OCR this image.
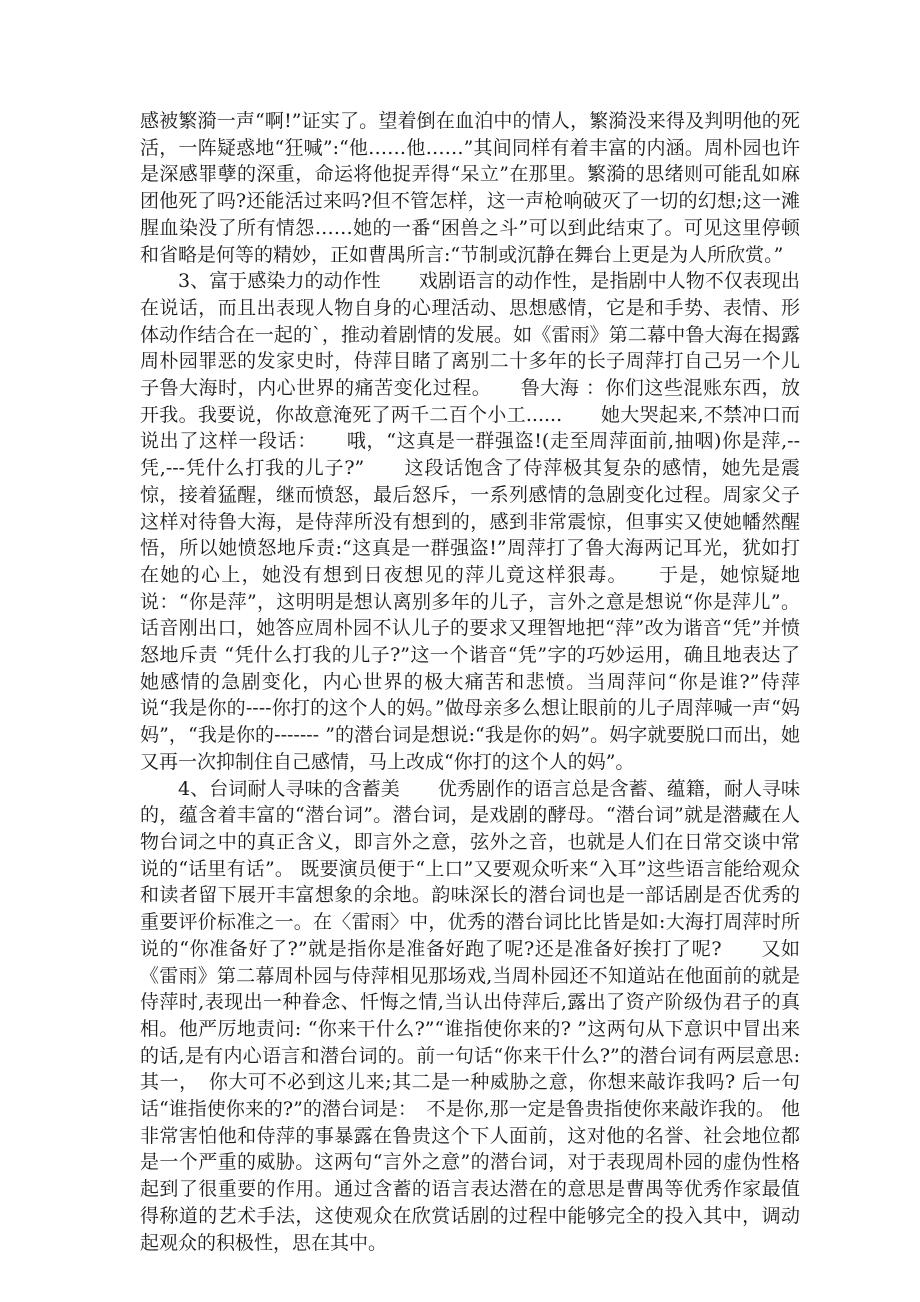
感被繁漪一声“啊!”证实了。望着倒在血泊中的情人，繁漪没来得及判明他的死活，一阵疑惑地“狂喊”:“他……他……”其间同样有着丰富的内涵。周朴园也许是深感罪孽的深重，命运将他捉弄得“呆立”在那里。繁漪的思绪则可能乱如麻团他死了吗?还能活过来吗?但不管怎样，这一声枪响破灭了一切的幻想;这一滩腥血染没了所有情怨……她的一番“困兽之斗”可以到此结束了。可见这里停顿和省略是何等的精妙，正如曹禺所言:“节制或沉静在舞台上更是为人所欣赏。”

3、富于感染力的动作性　　戏剧语言的动作性，是指剧中人物不仅表现出在说话，而且出表现人物自身的心理活动、思想感情，它是和手势、表情、形体动作结合在一起的`，推动着剧情的发展。如《雷雨》第二幕中鲁大海在揭露周朴园罪恶的发家史时，侍萍目睹了离别二十多年的长子周萍打自己另一个儿子鲁大海时，内心世界的痛苦变化过程。　　鲁大海 ：你们这些混账东西，放开我。我要说，你故意淹死了两千二百个小工......　　她大哭起来,不禁冲口而说出了这样一段话：　　哦，“这真是一群强盗!(走至周萍面前,抽咽)你是萍,--凭,---凭什么打我的儿子?”　　这段话饱含了侍萍极其复杂的感情，她先是震惊，接着猛醒，继而愤怒，最后怒斥，一系列感情的急剧变化过程。周家父子这样对待鲁大海，是侍萍所没有想到的，感到非常震惊，但事实又使她幡然醒悟，所以她愤怒地斥责:“这真是一群强盗!”周萍打了鲁大海两记耳光，犹如打在她的心上，她没有想到日夜想见的萍儿竟这样狠毒。　　于是，她惊疑地说：“你是萍”，这明明是想认离别多年的儿子，言外之意是想说“你是萍儿”。话音刚出口，她答应周朴园不认儿子的要求又理智地把“萍”改为谐音“凭”并愤怒地斥责 “凭什么打我的儿子?”这一个谐音“凭”字的巧妙运用，确且地表达了她感情的急剧变化，内心世界的极大痛苦和悲愤。当周萍问“你是谁?”侍萍说“我是你的----你打的这个人的妈。”做母亲多么想让眼前的儿子周萍喊一声“妈妈”，“我是你的------- ”的潜台词是想说:“我是你的妈”。妈字就要脱口而出，她又再一次抑制住自己感情，马上改成“你打的这个人的妈”。

4、台词耐人寻味的含蓄美　　优秀剧作的语言总是含蓄、蕴籍，耐人寻味的，蕴含着丰富的“潜台词”。潜台词，是戏剧的酵母。“潜台词”就是潜藏在人物台词之中的真正含义，即言外之意，弦外之音，也就是人们在日常交谈中常说的“话里有话”。 既要演员便于“上口”又要观众听来“入耳”这些语言能给观众和读者留下展开丰富想象的余地。韵味深长的潜台词也是一部话剧是否优秀的重要评价标准之一。在〈雷雨〉中，优秀的潜台词比比皆是如:大海打周萍时所说的“你准备好了?”就是指你是准备好跑了呢?还是准备好挨打了呢?　　又如《雷雨》第二幕周朴园与侍萍相见那场戏,当周朴园还不知道站在他面前的就是侍萍时,表现出一种眷念、忏悔之情,当认出侍萍后,露出了资产阶级伪君子的真相。他严厉地责问: “你来干什么?”“谁指使你来的? ”这两句从下意识中冒出来的话,是有内心语言和潜台词的。前一句话“你来干什么?”的潜台词有两层意思:其一，　你大可不必到这儿来;其二是一种威胁之意，你想来敲诈我吗? 后一句话“谁指使你来的?”的潜台词是：　不是你,那一定是鲁贵指使你来敲诈我的。 他非常害怕他和侍萍的事暴露在鲁贵这个下人面前，这对他的名誉、社会地位都是一个严重的威胁。这两句“言外之意”的潜台词，对于表现周朴园的虚伪性格起到了很重要的作用。通过含蓄的语言表达潜在的意思是曹禺等优秀作家最值得称道的艺术手法，这使观众在欣赏话剧的过程中能够完全的投入其中，调动起观众的积极性，思在其中。
